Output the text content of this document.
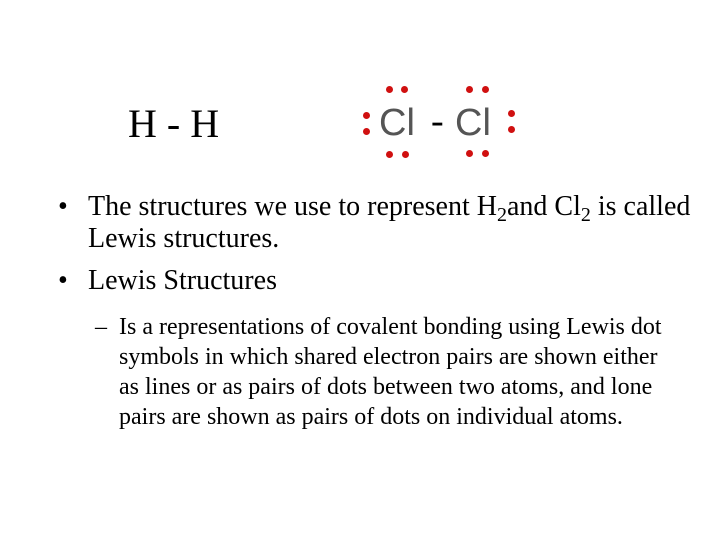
H - H	Cl - Cl
• The structures we use to represent $H_2and$ $Cl_2$ is called Lewis structures.
• Lewis Structures
– Is a representations of covalent bonding using Lewis dot symbols in which shared electron pairs are shown either as lines or as pairs of dots between two atoms, and lone pairs are shown as pairs of dots on individual atoms.
